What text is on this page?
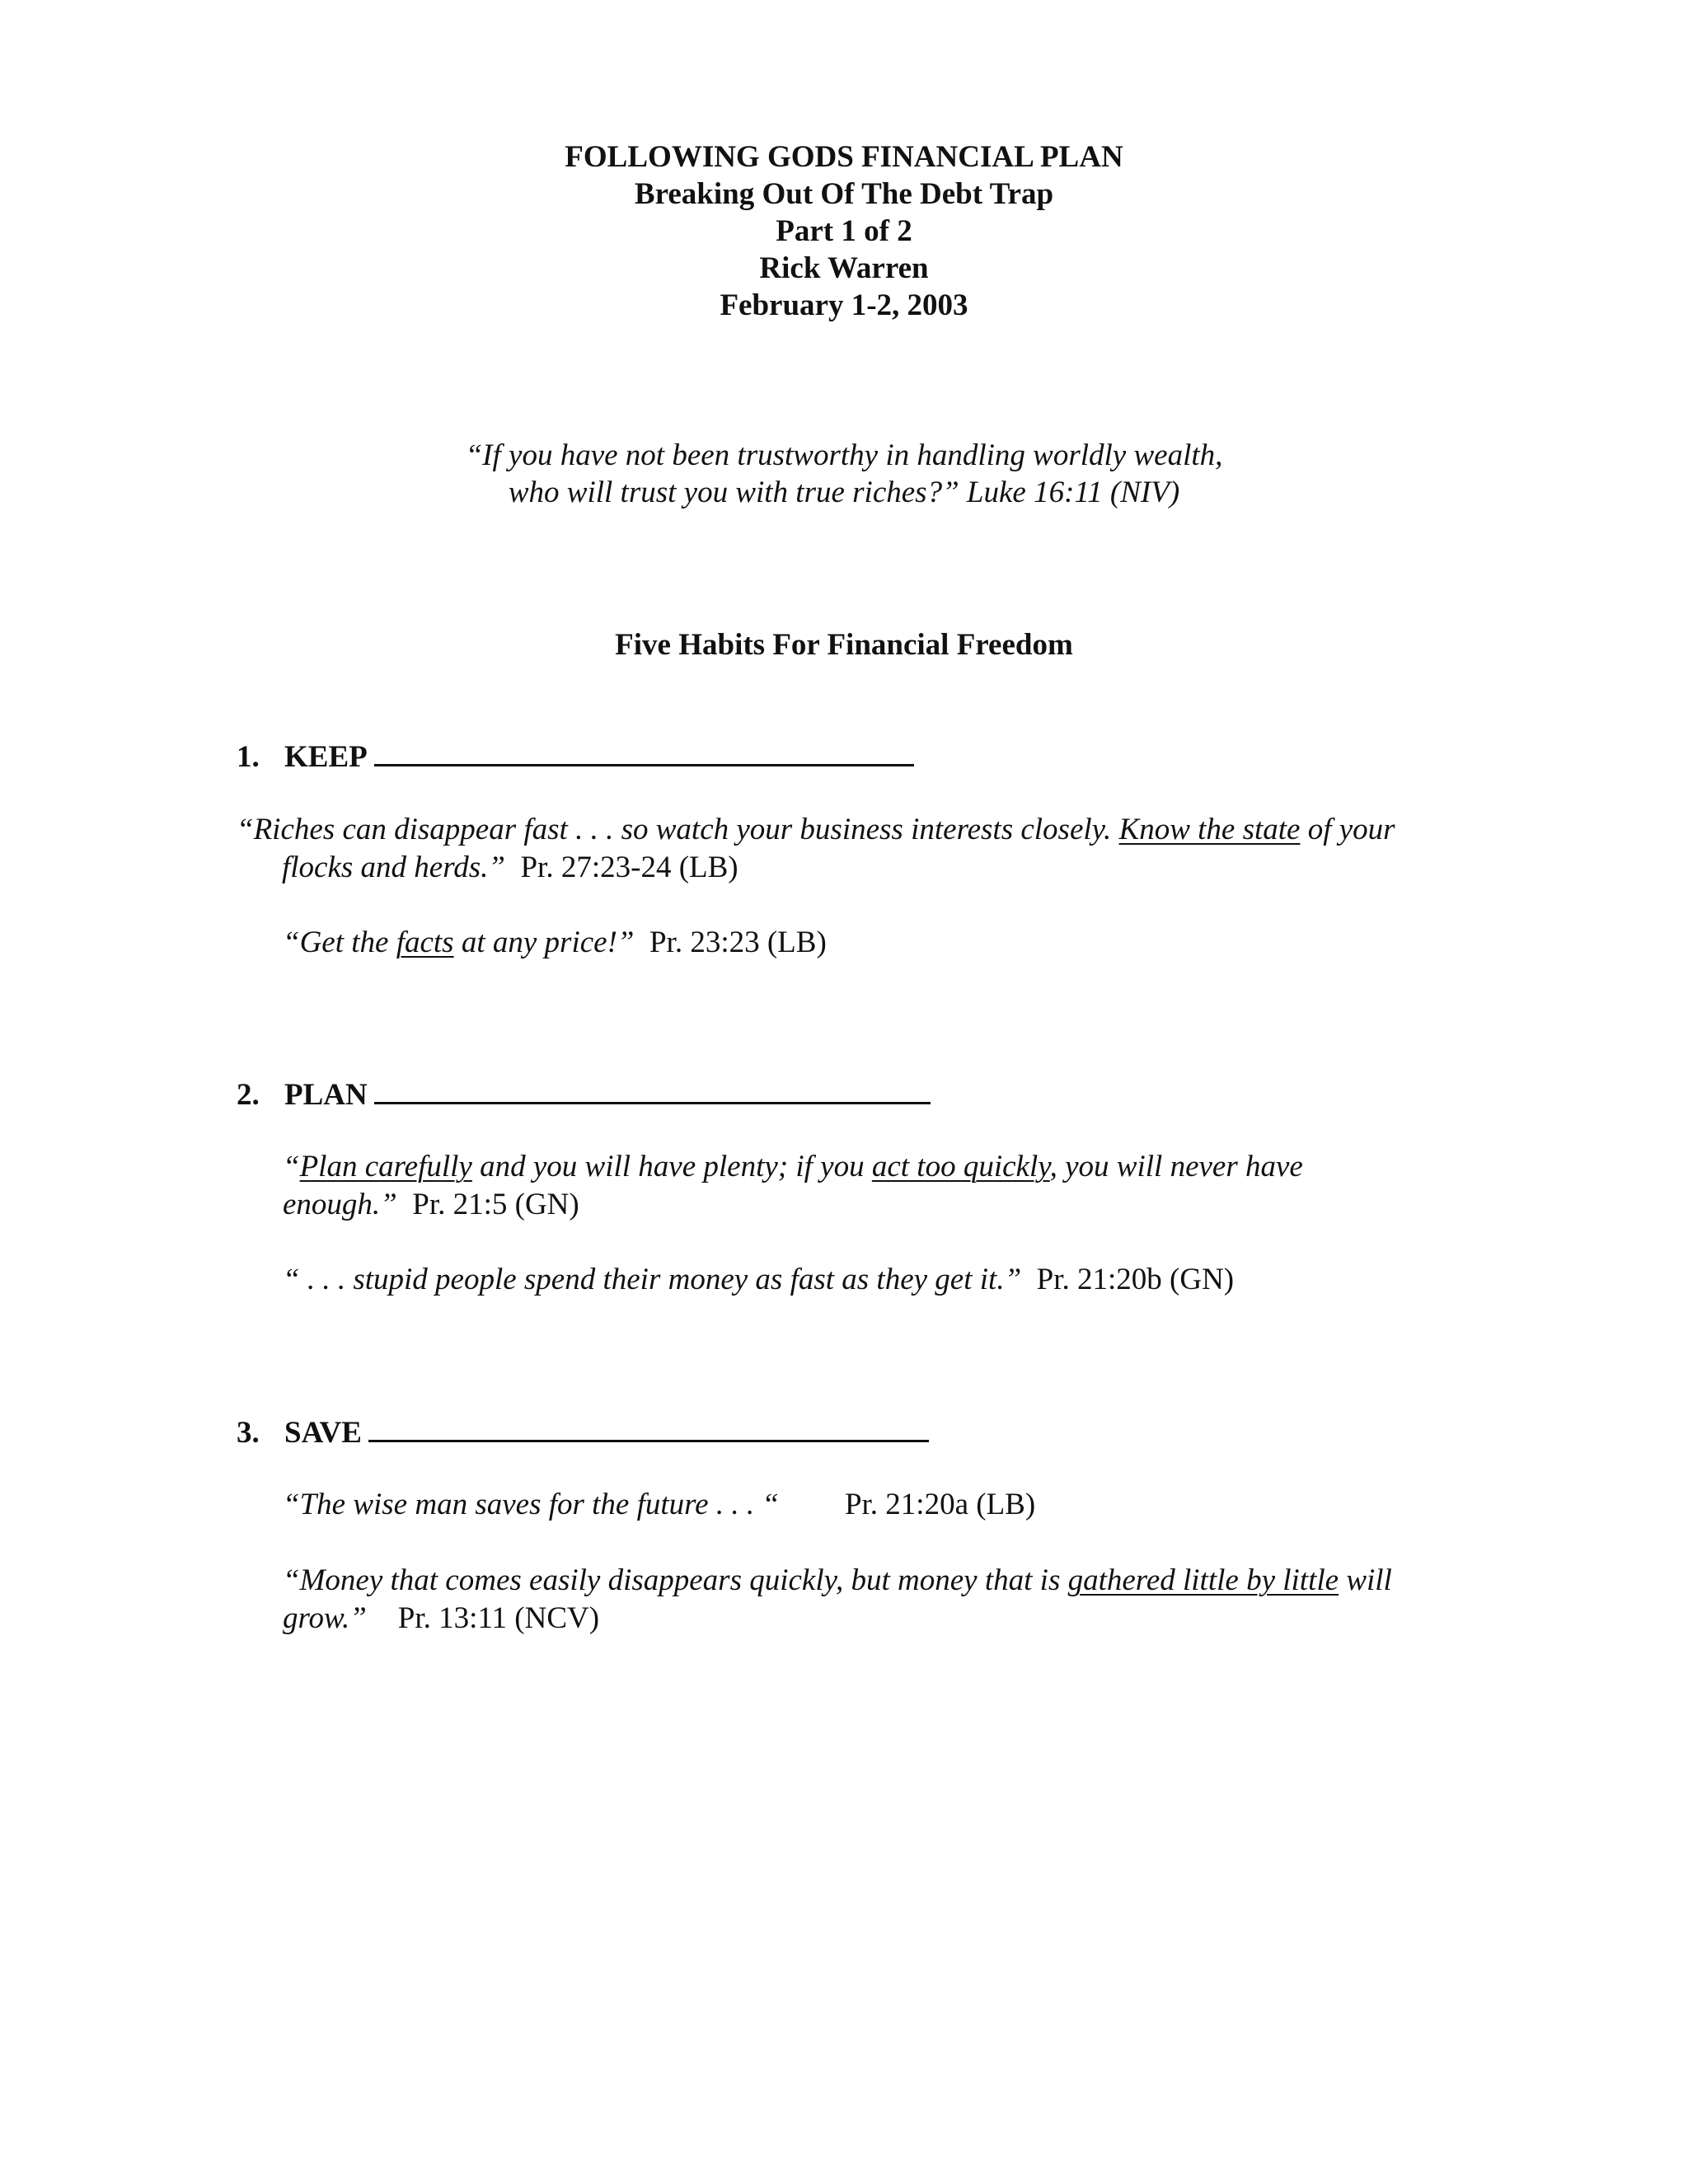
FOLLOWING GODS FINANCIAL PLAN
Breaking Out Of The Debt Trap
Part 1 of 2
Rick Warren
February 1-2, 2003
“If you have not been trustworthy in handling worldly wealth,
who will trust you with true riches?” Luke 16:11 (NIV)
Five Habits For Financial Freedom
1. KEEP
“Riches can disappear fast . . . so watch your business interests closely. Know the state of your
flocks and herds.” Pr. 27:23-24 (LB)
“Get the facts at any price!” Pr. 23:23 (LB)
2. PLAN
“Plan carefully and you will have plenty; if you act too quickly, you will never have
enough.” Pr. 21:5 (GN)
“ . . . stupid people spend their money as fast as they get it.” Pr. 21:20b (GN)
3. SAVE
“The wise man saves for the future . . . “ Pr. 21:20a (LB)
“Money that comes easily disappears quickly, but money that is gathered little by little will
grow.” Pr. 13:11 (NCV)
